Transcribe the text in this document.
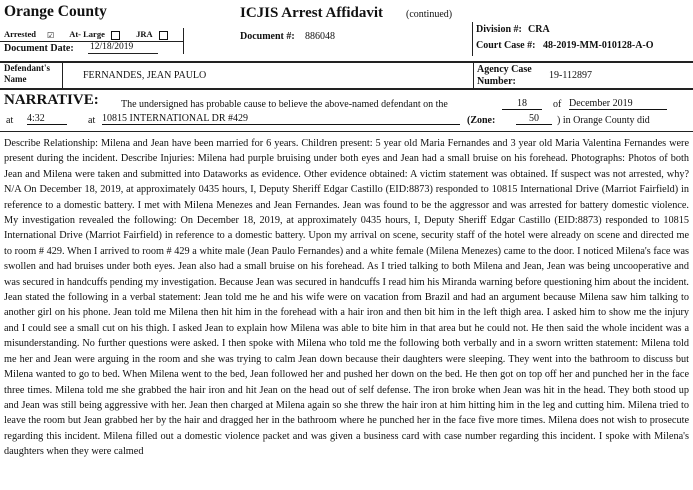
Orange County	ICJIS Arrest Affidavit (continued)
Arrested ☑ At- Large	JRA
Document Date: 12/18/2019
Document #: 886048
Division #: CRA
Court Case #: 48-2019-MM-010128-A-O
Defendant's Name	FERNANDES, JEAN PAULO
Agency Case Number:
19-112897
NARRATIVE: The undersigned has probable cause to believe the above-named defendant on the	18	of December 2019
at 4:32	at 10815 INTERNATIONAL DR #429	(Zone:	50	) in Orange County did

Describe Relationship: Milena and Jean have been married for 6 years. Children present: 5 year old Maria Fernandes and 3 year old Maria Valentina Fernandes were present during the incident. Describe Injuries: Milena had purple bruising under both eyes and Jean had a small bruise on his forehead. Photographs: Photos of both Jean and Milena were taken and submitted into Dataworks as evidence. Other evidence obtained: A victim statement was obtained. If suspect was not arrested, why? N/A On December 18, 2019, at approximately 0435 hours, I, Deputy Sheriff Edgar Castillo (EID:8873) responded to 10815 International Drive (Marriot Fairfield) in reference to a domestic battery. I met with Milena Menezes and Jean Fernandes. Jean was found to be the aggressor and was arrested for battery domestic violence. My investigation revealed the following: On December 18, 2019, at approximately 0435 hours, I, Deputy Sheriff Edgar Castillo (EID:8873) responded to 10815 International Drive (Marriot Fairfield) in reference to a domestic battery. Upon my arrival on scene, security staff of the hotel were already on scene and directed me to room # 429. When I arrived to room # 429 a white male (Jean Paulo Fernandes) and a white female (Milena Menezes) came to the door. I noticed Milena's face was swollen and had bruises under both eyes. Jean also had a small bruise on his forehead. As I tried talking to both Milena and Jean, Jean was being uncooperative and was secured in handcuffs pending my investigation. Because Jean was secured in handcuffs I read him his Miranda warning before questioning him about the incident. Jean stated the following in a verbal statement: Jean told me he and his wife were on vacation from Brazil and had an argument because Milena saw him talking to another girl on his phone. Jean told me Milena then hit him in the forehead with a hair iron and then bit him in the left thigh area. I asked him to show me the injury and I could see a small cut on his thigh. I asked Jean to explain how Milena was able to bite him in that area but he could not. He then said the whole incident was a misunderstanding. No further questions were asked. I then spoke with Milena who told me the following both verbally and in a sworn written statement: Milena told me her and Jean were arguing in the room and she was trying to calm Jean down because their daughters were sleeping. They went into the bathroom to discuss but Milena wanted to go to bed. When Milena went to the bed, Jean followed her and pushed her down on the bed. He then got on top off her and punched her in the face three times. Milena told me she grabbed the hair iron and hit Jean on the head out of self defense. The iron broke when Jean was hit in the head. They both stood up and Jean was still being aggressive with her. Jean then charged at Milena again so she threw the hair iron at him hitting him in the leg and cutting him. Milena tried to leave the room but Jean grabbed her by the hair and dragged her in the bathroom where he punched her in the face five more times. Milena does not wish to prosecute regarding this incident. Milena filled out a domestic violence packet and was given a business card with case number regarding this incident. I spoke with Milena's daughters when they were calmed
